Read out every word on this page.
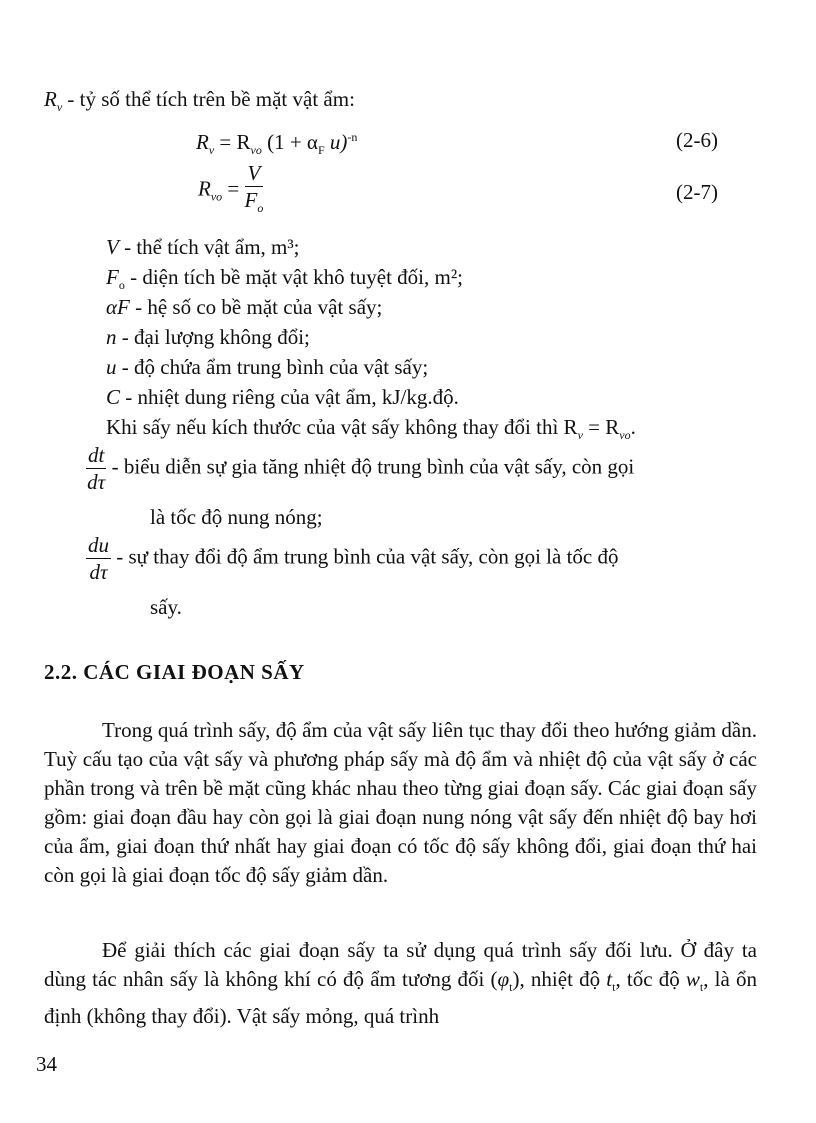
$R_v$ - tỷ số thể tích trên bề mặt vật ẩm:
$R_v = R_{vo}$ ($1 + \alpha_F$ u)$^{-n}$	(2-6)
$R_{vo} = \frac{V}{F_o}$	(2-7)
V - thể tích vật ẩm, m³;
$F_o$ - diện tích bề mặt vật khô tuyệt đối, m²;
αF - hệ số co bề mặt của vật sấy;
n - đại lượng không đổi;
u - độ chứa ẩm trung bình của vật sấy;
C - nhiệt dung riêng của vật ẩm, kJ/kg.độ.
Khi sấy nếu kích thước của vật sấy không thay đổi thì $R_v = R_{vo}$.
$\frac{dt}{d\tau}$ - biểu diễn sự gia tăng nhiệt độ trung bình của vật sấy, còn gọi
là tốc độ nung nóng;
$\frac{du}{d\tau}$ - sự thay đổi độ ẩm trung bình của vật sấy, còn gọi là tốc độ
sấy.
2.2. CÁC GIAI ĐOẠN SẤY
Trong quá trình sấy, độ ẩm của vật sấy liên tục thay đổi theo hướng giảm dần. Tuỳ cấu tạo của vật sấy và phương pháp sấy mà độ ẩm và nhiệt độ của vật sấy ở các phần trong và trên bề mặt cũng khác nhau theo từng giai đoạn sấy. Các giai đoạn sấy gồm: giai đoạn đầu hay còn gọi là giai đoạn nung nóng vật sấy đến nhiệt độ bay hơi của ẩm, giai đoạn thứ nhất hay giai đoạn có tốc độ sấy không đổi, giai đoạn thứ hai còn gọi là giai đoạn tốc độ sấy giảm dần.
Để giải thích các giai đoạn sấy ta sử dụng quá trình sấy đối lưu. Ở đây ta dùng tác nhân sấy là không khí có độ ẩm tương đối $(\varphi_t)$, nhiệt độ $t_t$, tốc độ $w_t$, là ổn định (không thay đổi). Vật sấy mỏng, quá trình
34
